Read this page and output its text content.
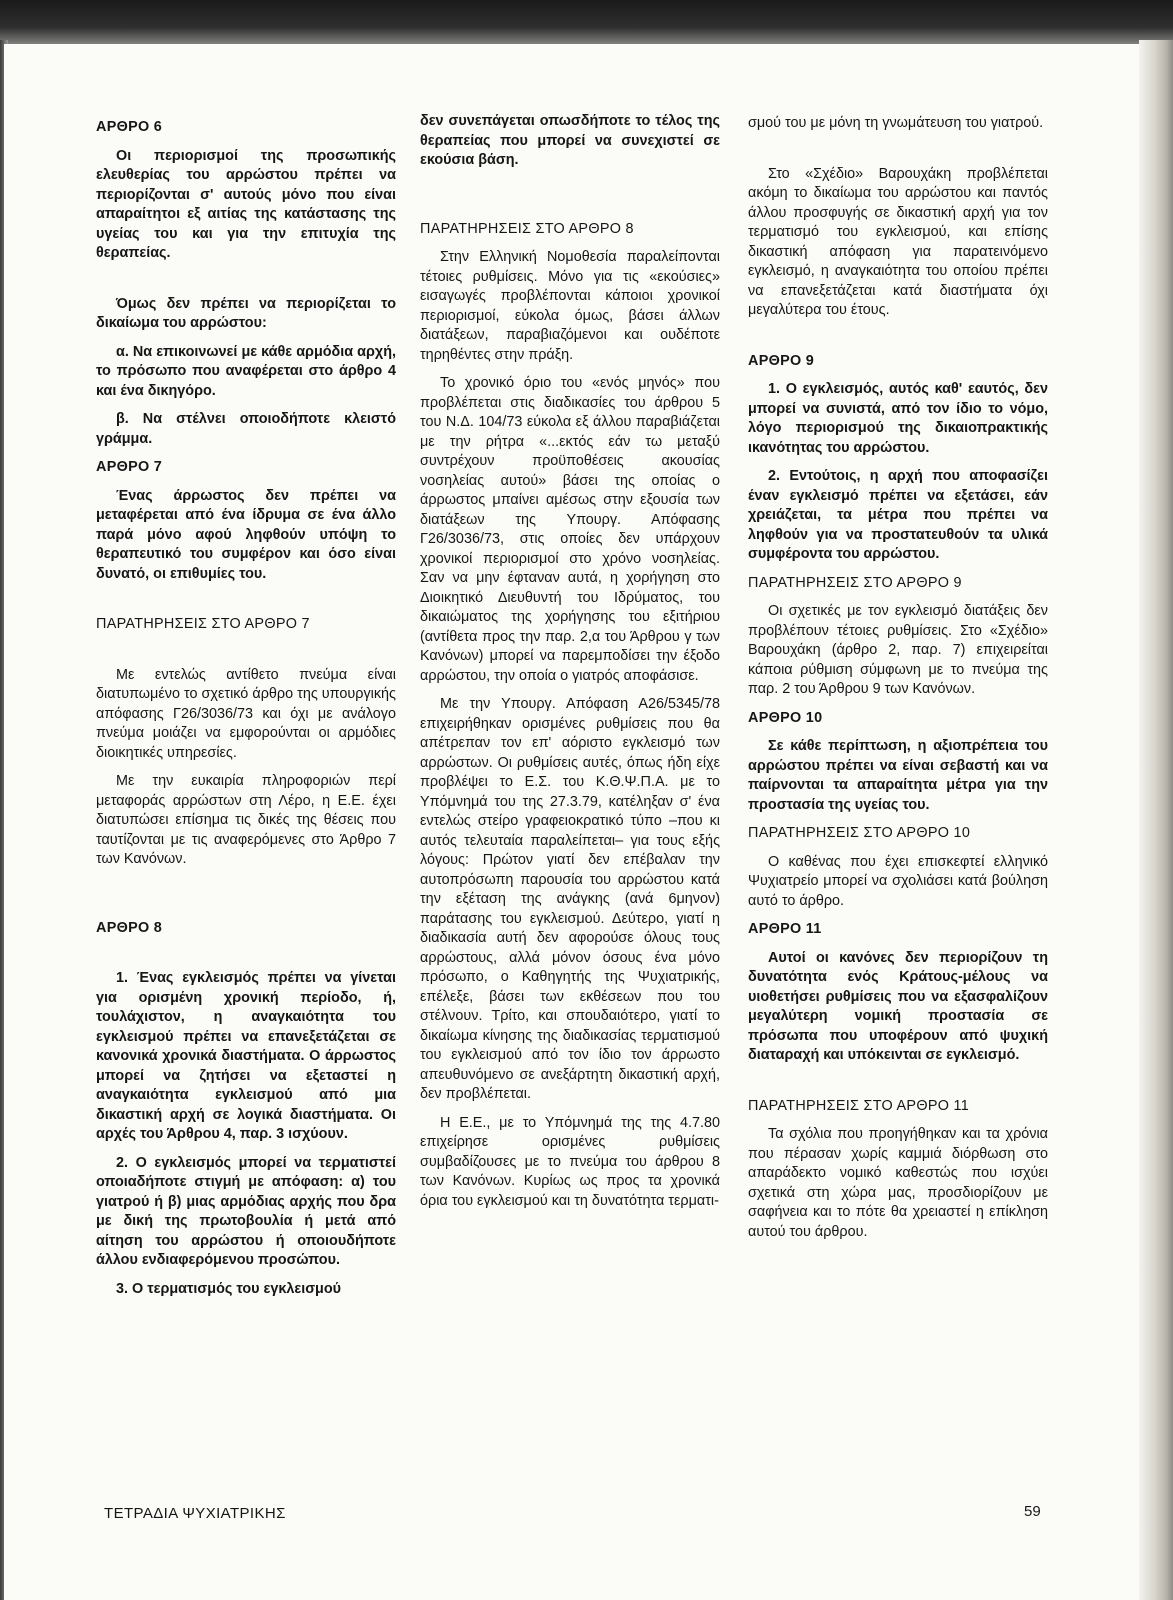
ΑΡΘΡΟ 6

Οι περιορισμοί της προσωπικής ελευθερίας του αρρώστου πρέπει να περιορίζονται σ' αυτούς μόνο που είναι απαραίτητοι εξ αιτίας της κατάστασης της υγείας του και για την επιτυχία της θεραπείας.

Όμως δεν πρέπει να περιορίζεται το δικαίωμα του αρρώστου:

α. Να επικοινωνεί με κάθε αρμόδια αρχή, το πρόσωπο που αναφέρεται στο άρθρο 4 και ένα δικηγόρο.

β. Να στέλνει οποιοδήποτε κλειστό γράμμα.

ΑΡΘΡΟ 7

Ένας άρρωστος δεν πρέπει να μεταφέρεται από ένα ίδρυμα σε ένα άλλο παρά μόνο αφού ληφθούν υπόψη το θεραπευτικό του συμφέρον και όσο είναι δυνατό, οι επιθυμίες του.

ΠΑΡΑΤΗΡΗΣΕΙΣ ΣΤΟ ΑΡΘΡΟ 7

Με εντελώς αντίθετο πνεύμα είναι διατυπωμένο το σχετικό άρθρο της υπουργικής απόφασης Γ26/3036/73 και όχι με ανάλογο πνεύμα μοιάζει να εμφορούνται οι αρμόδιες διοικητικές υπηρεσίες.

Με την ευκαιρία πληροφοριών περί μεταφοράς αρρώστων στη Λέρο, η Ε.Ε. έχει διατυπώσει επίσημα τις δικές της θέσεις που ταυτίζονται με τις αναφερόμενες στο Άρθρο 7 των Κανόνων.

ΑΡΘΡΟ 8

1. Ένας εγκλεισμός πρέπει να γίνεται για ορισμένη χρονική περίοδο, ή, τουλάχιστον, η αναγκαιότητα του εγκλεισμού πρέπει να επανεξετάζεται σε κανονικά χρονικά διαστήματα. Ο άρρωστος μπορεί να ζητήσει να εξεταστεί η αναγκαιότητα εγκλεισμού από μια δικαστική αρχή σε λογικά διαστήματα. Οι αρχές του Άρθρου 4, παρ. 3 ισχύουν.

2. Ο εγκλεισμός μπορεί να τερματιστεί οποιαδήποτε στιγμή με απόφαση: α) του γιατρού ή β) μιας αρμόδιας αρχής που δρα με δική της πρωτοβουλία ή μετά από αίτηση του αρρώστου ή οποιουδήποτε άλλου ενδιαφερόμενου προσώπου.

3. Ο τερματισμός του εγκλεισμού

δεν συνεπάγεται οπωσδήποτε το τέλος της θεραπείας που μπορεί να συνεχιστεί σε εκούσια βάση.

ΠΑΡΑΤΗΡΗΣΕΙΣ ΣΤΟ ΑΡΘΡΟ 8

Στην Ελληνική Νομοθεσία παραλείπονται τέτοιες ρυθμίσεις. Μόνο για τις «εκούσιες» εισαγωγές προβλέπονται κάποιοι χρονικοί περιορισμοί, εύκολα όμως, βάσει άλλων διατάξεων, παραβιαζόμενοι και ουδέποτε τηρηθέντες στην πράξη.

Το χρονικό όριο του «ενός μηνός» που προβλέπεται στις διαδικασίες του άρθρου 5 του Ν.Δ. 104/73 εύκολα εξ άλλου παραβιάζεται με την ρήτρα «...εκτός εάν τω μεταξύ συντρέχουν προϋποθέσεις ακουσίας νοσηλείας αυτού» βάσει της οποίας ο άρρωστος μπαίνει αμέσως στην εξουσία των διατάξεων της Υπουργ. Απόφασης Γ26/3036/73, στις οποίες δεν υπάρχουν χρονικοί περιορισμοί στο χρόνο νοσηλείας. Σαν να μην έφταναν αυτά, η χορήγηση στο Διοικητικό Διευθυντή του Ιδρύματος, του δικαιώματος της χορήγησης του εξιτήριου (αντίθετα προς την παρ. 2,α του Άρθρου γ των Κανόνων) μπορεί να παρεμποδίσει την έξοδο αρρώστου, την οποία ο γιατρός αποφάσισε.

Με την Υπουργ. Απόφαση Α26/5345/78 επιχειρήθηκαν ορισμένες ρυθμίσεις που θα απέτρεπαν τον επ' αόριστο εγκλεισμό των αρρώστων. Οι ρυθμίσεις αυτές, όπως ήδη είχε προβλέψει το Ε.Σ. του Κ.Θ.Ψ.Π.Α. με το Υπόμνημά του της 27.3.79, κατέληξαν σ' ένα εντελώς στείρο γραφειοκρατικό τύπο –που κι αυτός τελευταία παραλείπεται– για τους εξής λόγους: Πρώτον γιατί δεν επέβαλαν την αυτοπρόσωπη παρουσία του αρρώστου κατά την εξέταση της ανάγκης (ανά 6μηνον) παράτασης του εγκλεισμού. Δεύτερο, γιατί η διαδικασία αυτή δεν αφορούσε όλους τους αρρώστους, αλλά μόνον όσους ένα μόνο πρόσωπο, ο Καθηγητής της Ψυχιατρικής, επέλεξε, βάσει των εκθέσεων που του στέλνουν. Τρίτο, και σπουδαιότερο, γιατί το δικαίωμα κίνησης της διαδικασίας τερματισμού του εγκλεισμού από τον ίδιο τον άρρωστο απευθυνόμενο σε ανεξάρτητη δικαστική αρχή, δεν προβλέπεται.

Η Ε.Ε., με το Υπόμνημά της της 4.7.80 επιχείρησε ορισμένες ρυθμίσεις συμβαδίζουσες με το πνεύμα του άρθρου 8 των Κανόνων. Κυρίως ως προς τα χρονικά όρια του εγκλεισμού και τη δυνατότητα τερματι-

σμού του με μόνη τη γνωμάτευση του γιατρού.

Στο «Σχέδιο» Βαρουχάκη προβλέπεται ακόμη το δικαίωμα του αρρώστου και παντός άλλου προσφυγής σε δικαστική αρχή για τον τερματισμό του εγκλεισμού, και επίσης δικαστική απόφαση για παρατεινόμενο εγκλεισμό, η αναγκαιότητα του οποίου πρέπει να επανεξετάζεται κατά διαστήματα όχι μεγαλύτερα του έτους.

ΑΡΘΡΟ 9

1. Ο εγκλεισμός, αυτός καθ' εαυτός, δεν μπορεί να συνιστά, από τον ίδιο το νόμο, λόγο περιορισμού της δικαιοπρακτικής ικανότητας του αρρώστου.

2. Εντούτοις, η αρχή που αποφασίζει έναν εγκλεισμό πρέπει να εξετάσει, εάν χρειάζεται, τα μέτρα που πρέπει να ληφθούν για να προστατευθούν τα υλικά συμφέροντα του αρρώστου.

ΠΑΡΑΤΗΡΗΣΕΙΣ ΣΤΟ ΑΡΘΡΟ 9

Οι σχετικές με τον εγκλεισμό διατάξεις δεν προβλέπουν τέτοιες ρυθμίσεις. Στο «Σχέδιο» Βαρουχάκη (άρθρο 2, παρ. 7) επιχειρείται κάποια ρύθμιση σύμφωνη με το πνεύμα της παρ. 2 του Άρθρου 9 των Κανόνων.

ΑΡΘΡΟ 10

Σε κάθε περίπτωση, η αξιοπρέπεια του αρρώστου πρέπει να είναι σεβαστή και να παίρνονται τα απαραίτητα μέτρα για την προστασία της υγείας του.

ΠΑΡΑΤΗΡΗΣΕΙΣ ΣΤΟ ΑΡΘΡΟ 10

Ο καθένας που έχει επισκεφτεί ελληνικό Ψυχιατρείο μπορεί να σχολιάσει κατά βούληση αυτό το άρθρο.

ΑΡΘΡΟ 11

Αυτοί οι κανόνες δεν περιορίζουν τη δυνατότητα ενός Κράτους-μέλους να υιοθετήσει ρυθμίσεις που να εξασφαλίζουν μεγαλύτερη νομική προστασία σε πρόσωπα που υποφέρουν από ψυχική διαταραχή και υπόκεινται σε εγκλεισμό.

ΠΑΡΑΤΗΡΗΣΕΙΣ ΣΤΟ ΑΡΘΡΟ 11

Τα σχόλια που προηγήθηκαν και τα χρόνια που πέρασαν χωρίς καμμιά διόρθωση στο απαράδεκτο νομικό καθεστώς που ισχύει σχετικά στη χώρα μας, προσδιορίζουν με σαφήνεια και το πότε θα χρειαστεί η επίκληση αυτού του άρθρου.

ΤΕΤΡΑΔΙΑ ΨΥΧΙΑΤΡΙΚΗΣ	59
